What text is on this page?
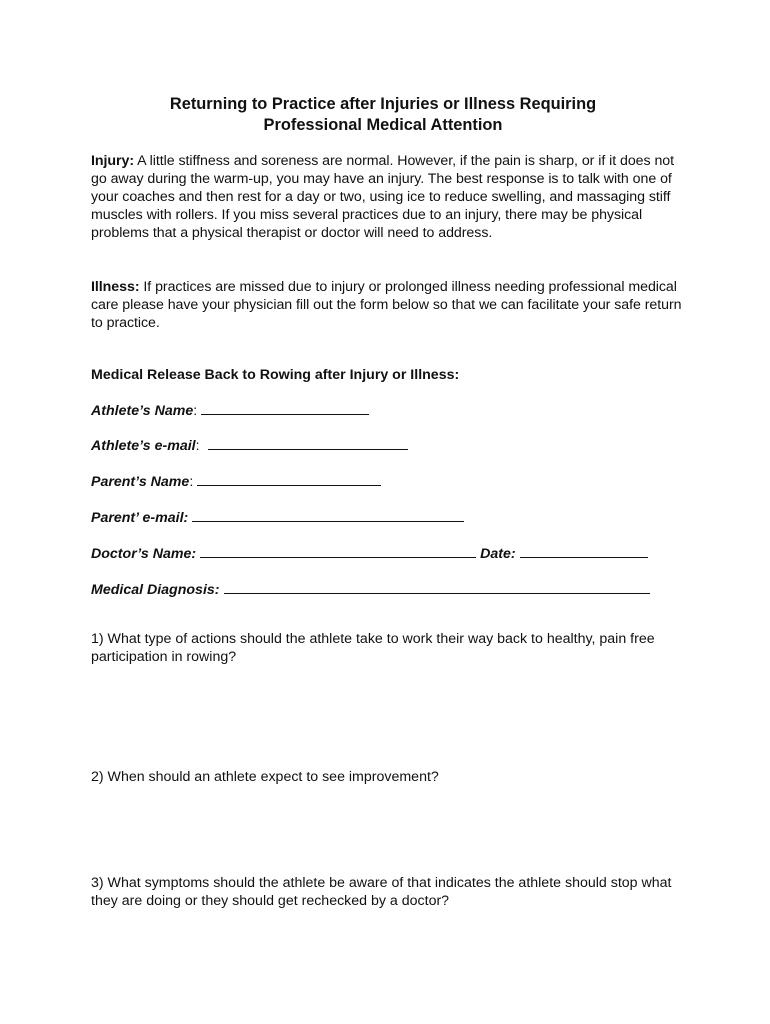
Returning to Practice after Injuries or Illness Requiring
Professional Medical Attention

Injury: A little stiffness and soreness are normal. However, if the pain is sharp, or if it does not go away during the warm-up, you may have an injury. The best response is to talk with one of your coaches and then rest for a day or two, using ice to reduce swelling, and massaging stiff muscles with rollers. If you miss several practices due to an injury, there may be physical problems that a physical therapist or doctor will need to address.

Illness: If practices are missed due to injury or prolonged illness needing professional medical care please have your physician fill out the form below so that we can facilitate your safe return to practice.

Medical Release Back to Rowing after Injury or Illness:

Athlete’s Name:

Athlete’s e-mail:

Parent’s Name:

Parent’ e-mail:

Doctor’s Name:	Date:

Medical Diagnosis:

1) What type of actions should the athlete take to work their way back to healthy, pain free participation in rowing?

2) When should an athlete expect to see improvement?

3) What symptoms should the athlete be aware of that indicates the athlete should stop what they are doing or they should get rechecked by a doctor?
